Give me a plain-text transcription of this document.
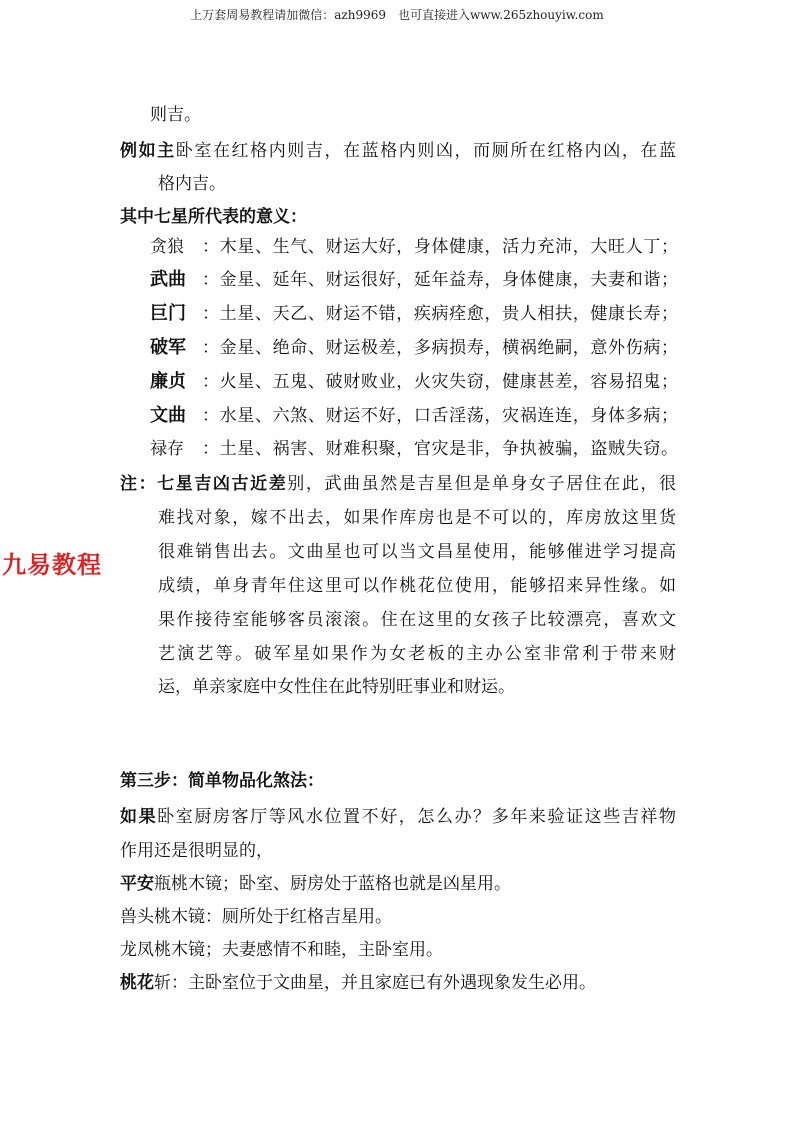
上万套周易教程请加微信：azh9969　也可直接进入www.265zhouyiw.com
九易教程
则吉。
例如主卧室在红格内则吉，在蓝格内则凶，而厕所在红格内凶，在蓝
格内吉。
其中七星所代表的意义：
贪狼	：木星、生气、财运大好，身体健康，活力充沛，大旺人丁；
武曲 ：金星、延年、财运很好，延年益寿，身体健康，夫妻和谐；
巨门 ：土星、天乙、财运不错，疾病痊愈，贵人相扶，健康长寿；
破军 ：金星、绝命、财运极差，多病损寿，横祸绝嗣，意外伤病；
廉贞 ：火星、五鬼、破财败业，火灾失窃，健康甚差，容易招鬼；
文曲 ：水星、六煞、财运不好，口舌淫荡，灾祸连连，身体多病；
禄存	：土星、祸害、财难积聚，官灾是非，争执被骗，盗贼失窃。
注：七星吉凶古近差别，武曲虽然是吉星但是单身女子居住在此，很
难找对象，嫁不出去，如果作库房也是不可以的，库房放这里货
很难销售出去。文曲星也可以当文昌星使用，能够催进学习提高
成绩，单身青年住这里可以作桃花位使用，能够招来异性缘。如
果作接待室能够客员滚滚。住在这里的女孩子比较漂亮，喜欢文
艺演艺等。破军星如果作为女老板的主办公室非常利于带来财
运，单亲家庭中女性住在此特别旺事业和财运。
第三步：简单物品化煞法：
如果卧室厨房客厅等风水位置不好，怎么办？多年来验证这些吉祥物
作用还是很明显的，
平安瓶桃木镜；卧室、厨房处于蓝格也就是凶星用。
兽头桃木镜：厕所处于红格吉星用。
龙凤桃木镜；夫妻感情不和睦，主卧室用。
桃花斩：主卧室位于文曲星，并且家庭已有外遇现象发生必用。
